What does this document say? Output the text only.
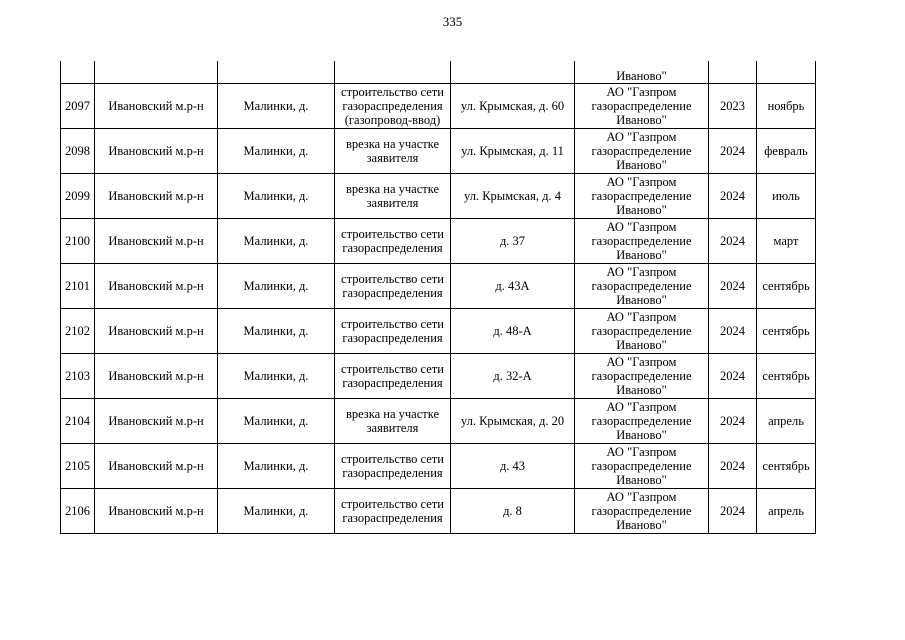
335
					Иваново"		
2097	Ивановский м.р-н	Малинки, д.	строительство сети
газораспределения
(газопровод-ввод)	ул. Крымская, д. 60	АО "Газпром
газораспределение
Иваново"	2023	ноябрь
2098	Ивановский м.р-н	Малинки, д.	врезка на участке
заявителя	ул. Крымская, д. 11	АО "Газпром
газораспределение
Иваново"	2024	февраль
2099	Ивановский м.р-н	Малинки, д.	врезка на участке
заявителя	ул. Крымская, д. 4	АО "Газпром
газораспределение
Иваново"	2024	июль
2100	Ивановский м.р-н	Малинки, д.	строительство сети
газораспределения	д. 37	АО "Газпром
газораспределение
Иваново"	2024	март
2101	Ивановский м.р-н	Малинки, д.	строительство сети
газораспределения	д. 43А	АО "Газпром
газораспределение
Иваново"	2024	сентябрь
2102	Ивановский м.р-н	Малинки, д.	строительство сети
газораспределения	д. 48-А	АО "Газпром
газораспределение
Иваново"	2024	сентябрь
2103	Ивановский м.р-н	Малинки, д.	строительство сети
газораспределения	д. 32-А	АО "Газпром
газораспределение
Иваново"	2024	сентябрь
2104	Ивановский м.р-н	Малинки, д.	врезка на участке
заявителя	ул. Крымская, д. 20	АО "Газпром
газораспределение
Иваново"	2024	апрель
2105	Ивановский м.р-н	Малинки, д.	строительство сети
газораспределения	д. 43	АО "Газпром
газораспределение
Иваново"	2024	сентябрь
2106	Ивановский м.р-н	Малинки, д.	строительство сети
газораспределения	д. 8	АО "Газпром
газораспределение
Иваново"	2024	апрель
